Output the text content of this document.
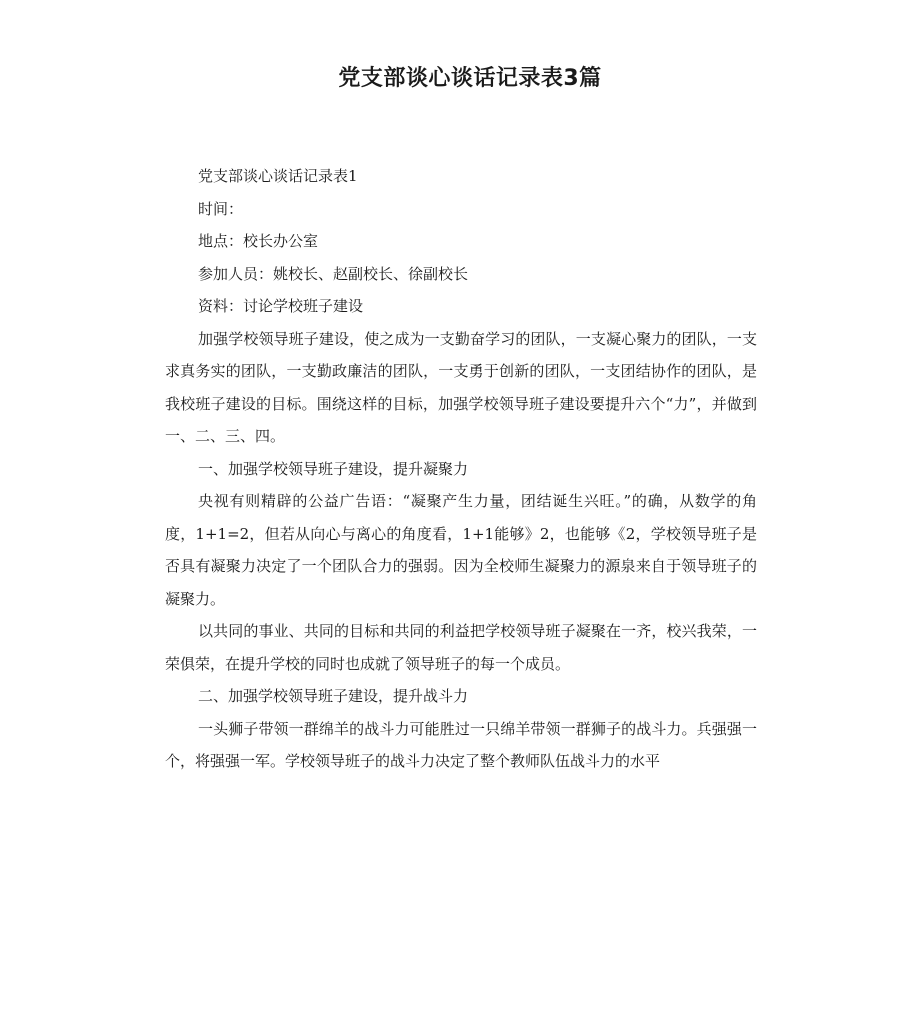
党支部谈心谈话记录表3篇

党支部谈心谈话记录表1

时间：

地点：校长办公室

参加人员：姚校长、赵副校长、徐副校长

资料：讨论学校班子建设

加强学校领导班子建设，使之成为一支勤奋学习的团队，一支凝心聚力的团队，一支求真务实的团队，一支勤政廉洁的团队，一支勇于创新的团队，一支团结协作的团队，是我校班子建设的目标。围绕这样的目标，加强学校领导班子建设要提升六个“力”，并做到一、二、三、四。

一、加强学校领导班子建设，提升凝聚力

央视有则精辟的公益广告语：“凝聚产生力量，团结诞生兴旺。”的确，从数学的角度，1+1=2，但若从向心与离心的角度看，1+1能够》2，也能够《2，学校领导班子是否具有凝聚力决定了一个团队合力的强弱。因为全校师生凝聚力的源泉来自于领导班子的凝聚力。

以共同的事业、共同的目标和共同的利益把学校领导班子凝聚在一齐，校兴我荣，一荣俱荣，在提升学校的同时也成就了领导班子的每一个成员。

二、加强学校领导班子建设，提升战斗力

一头狮子带领一群绵羊的战斗力可能胜过一只绵羊带领一群狮子的战斗力。兵强强一个，将强强一军。学校领导班子的战斗力决定了整个教师队伍战斗力的水平
